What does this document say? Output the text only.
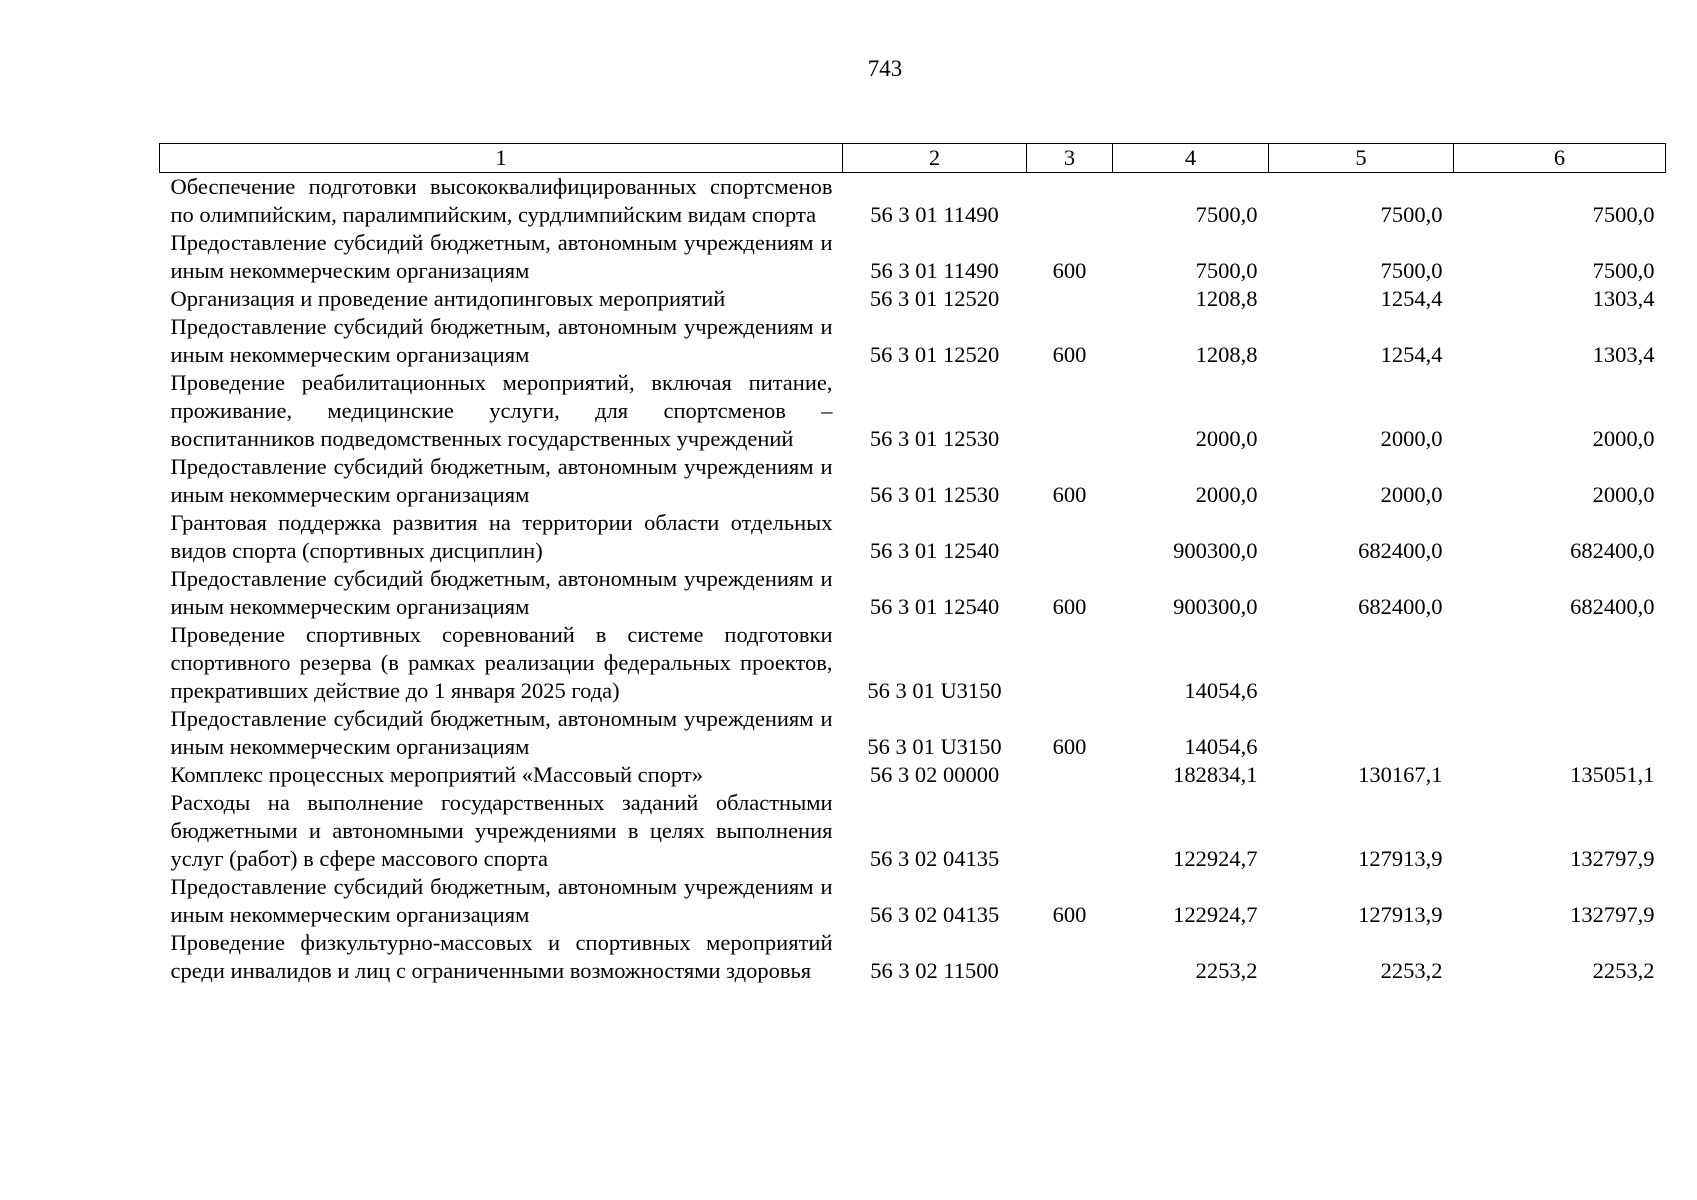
743
1	2	3	4	5	6
Обеспечение подготовки высококвалифицированных спортсменов по олимпийским, паралимпийским, сурдлимпийским видам спорта	56 3 01 11490		7500,0	7500,0	7500,0
Предоставление субсидий бюджетным, автономным учреждениям и иным некоммерческим организациям	56 3 01 11490	600	7500,0	7500,0	7500,0
Организация и проведение антидопинговых мероприятий	56 3 01 12520		1208,8	1254,4	1303,4
Предоставление субсидий бюджетным, автономным учреждениям и иным некоммерческим организациям	56 3 01 12520	600	1208,8	1254,4	1303,4
Проведение реабилитационных мероприятий, включая питание, проживание, медицинские услуги, для спортсменов – воспитанников подведомственных государственных учреждений	56 3 01 12530		2000,0	2000,0	2000,0
Предоставление субсидий бюджетным, автономным учреждениям и иным некоммерческим организациям	56 3 01 12530	600	2000,0	2000,0	2000,0
Грантовая поддержка развития на территории области отдельных видов спорта (спортивных дисциплин)	56 3 01 12540		900300,0	682400,0	682400,0
Предоставление субсидий бюджетным, автономным учреждениям и иным некоммерческим организациям	56 3 01 12540	600	900300,0	682400,0	682400,0
Проведение спортивных соревнований в системе подготовки спортивного резерва (в рамках реализации федеральных проектов, прекративших действие до 1 января 2025 года)	56 3 01 U3150		14054,6		
Предоставление субсидий бюджетным, автономным учреждениям и иным некоммерческим организациям	56 3 01 U3150	600	14054,6		
Комплекс процессных мероприятий «Массовый спорт»	56 3 02 00000		182834,1	130167,1	135051,1
Расходы на выполнение государственных заданий областными бюджетными и автономными учреждениями в целях выполнения услуг (работ) в сфере массового спорта	56 3 02 04135		122924,7	127913,9	132797,9
Предоставление субсидий бюджетным, автономным учреждениям и иным некоммерческим организациям	56 3 02 04135	600	122924,7	127913,9	132797,9
Проведение физкультурно-массовых и спортивных мероприятий среди инвалидов и лиц с ограниченными возможностями здоровья	56 3 02 11500		2253,2	2253,2	2253,2
